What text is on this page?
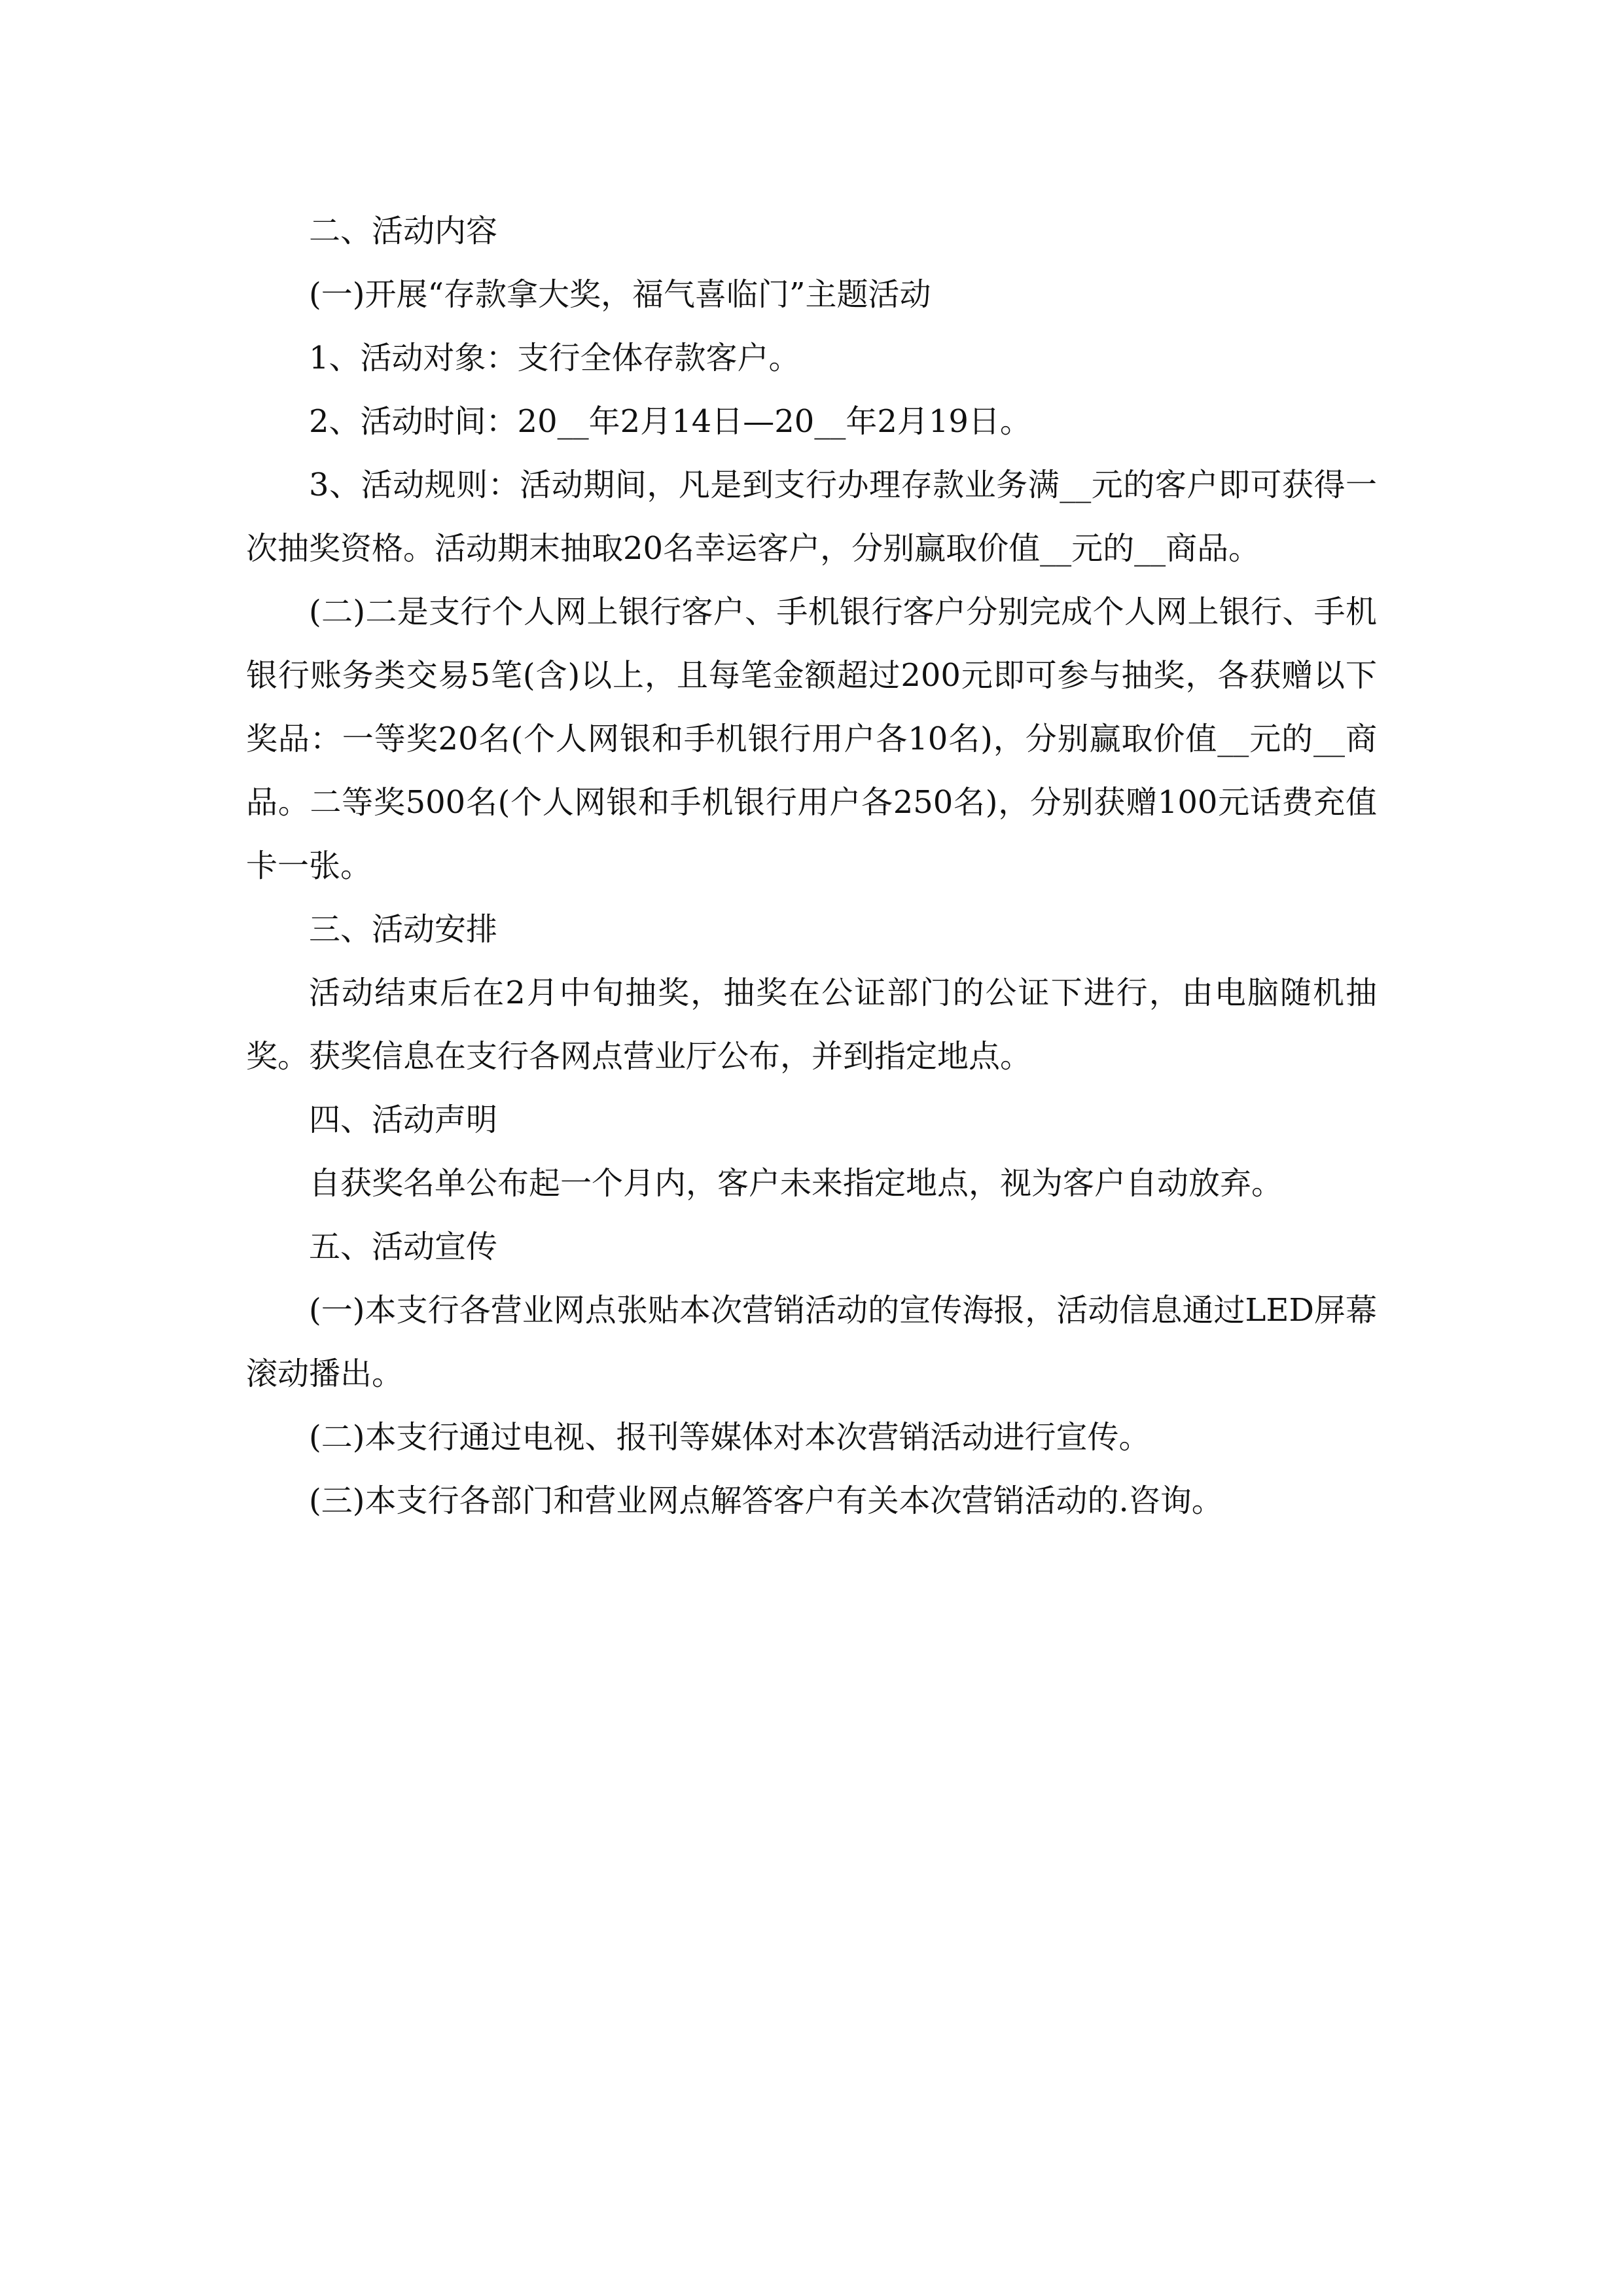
二、活动内容

(一)开展“存款拿大奖，福气喜临门”主题活动

1、活动对象：支行全体存款客户。

2、活动时间：20__年2月14日—20__年2月19日。

3、活动规则：活动期间，凡是到支行办理存款业务满__元的客户即可获得一次抽奖资格。活动期末抽取20名幸运客户，分别赢取价值__元的__商品。

(二)二是支行个人网上银行客户、手机银行客户分别完成个人网上银行、手机银行账务类交易5笔(含)以上，且每笔金额超过200元即可参与抽奖，各获赠以下奖品：一等奖20名(个人网银和手机银行用户各10名)，分别赢取价值__元的__商品。二等奖500名(个人网银和手机银行用户各250名)，分别获赠100元话费充值卡一张。

三、活动安排

活动结束后在2月中旬抽奖，抽奖在公证部门的公证下进行，由电脑随机抽奖。获奖信息在支行各网点营业厅公布，并到指定地点。

四、活动声明

自获奖名单公布起一个月内，客户未来指定地点，视为客户自动放弃。

五、活动宣传

(一)本支行各营业网点张贴本次营销活动的宣传海报，活动信息通过LED屏幕滚动播出。

(二)本支行通过电视、报刊等媒体对本次营销活动进行宣传。

(三)本支行各部门和营业网点解答客户有关本次营销活动的.咨询。
